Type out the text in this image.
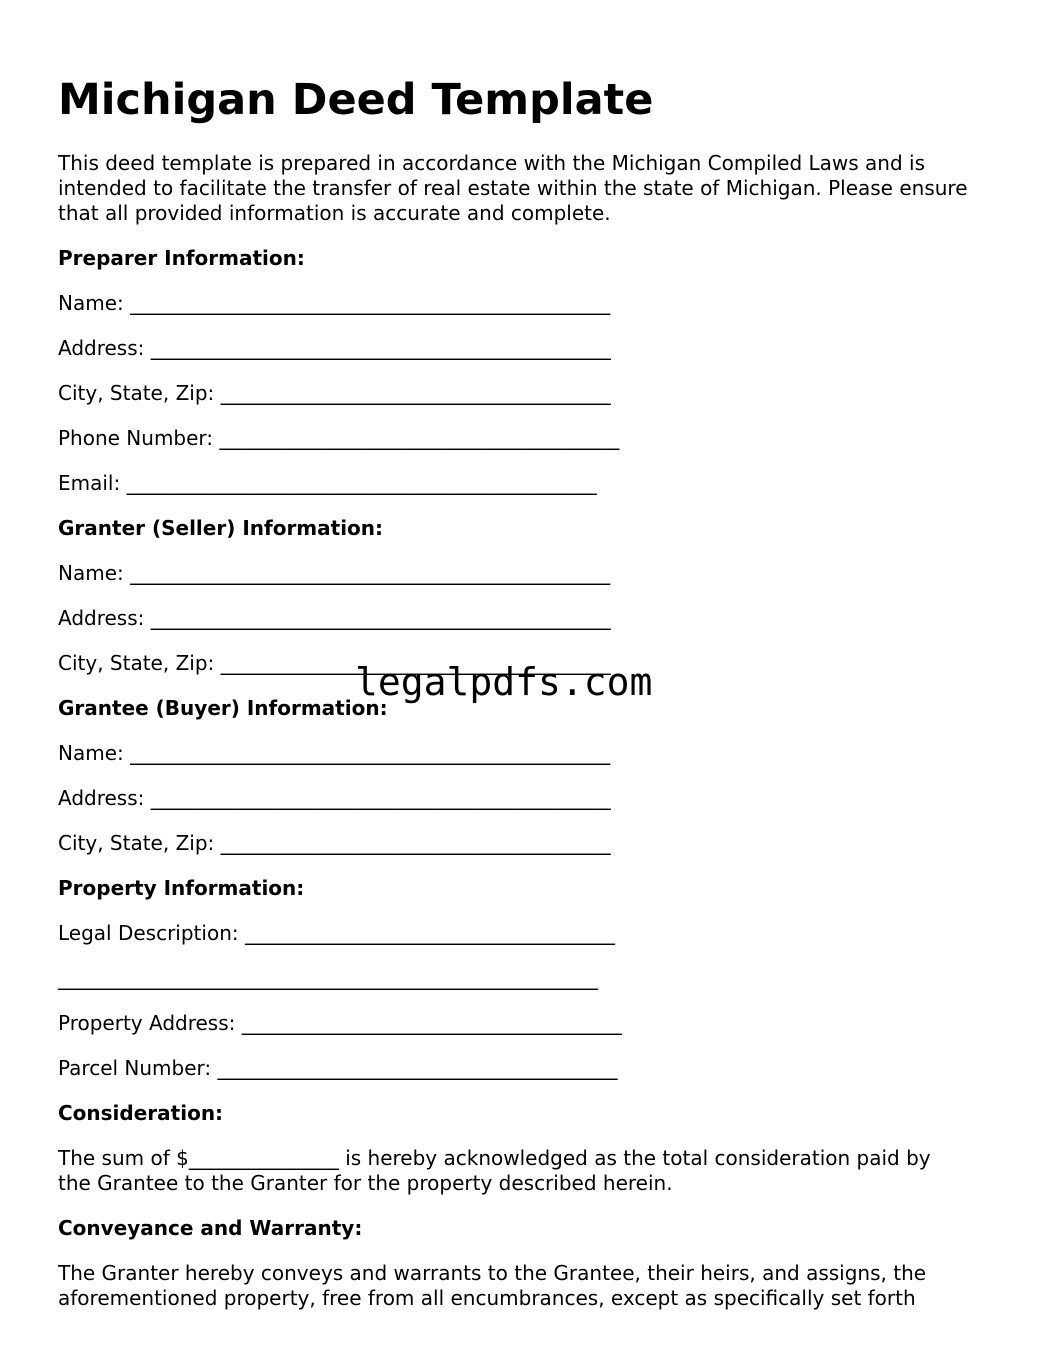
Michigan Deed Template

This deed template is prepared in accordance with the Michigan Compiled Laws and is

intended to facilitate the transfer of real estate within the state of Michigan. Please ensure

that all provided information is accurate and complete.

Preparer Information:

Name: ________________________________________________

Address: ______________________________________________

City, State, Zip: _______________________________________

Phone Number: ________________________________________

Email: _______________________________________________

Granter (Seller) Information:

Name: ________________________________________________

Address: ______________________________________________

City, State, Zip: _______________________________________

Grantee (Buyer) Information:

Name: ________________________________________________

Address: ______________________________________________

City, State, Zip: _______________________________________

Property Information:

Legal Description: _____________________________________

______________________________________________________

Property Address: ______________________________________

Parcel Number: ________________________________________

Consideration:

The sum of $_______________ is hereby acknowledged as the total consideration paid by

the Grantee to the Granter for the property described herein.

Conveyance and Warranty:

The Granter hereby conveys and warrants to the Grantee, their heirs, and assigns, the

aforementioned property, free from all encumbrances, except as specifically set forth

legalpdfs.com
